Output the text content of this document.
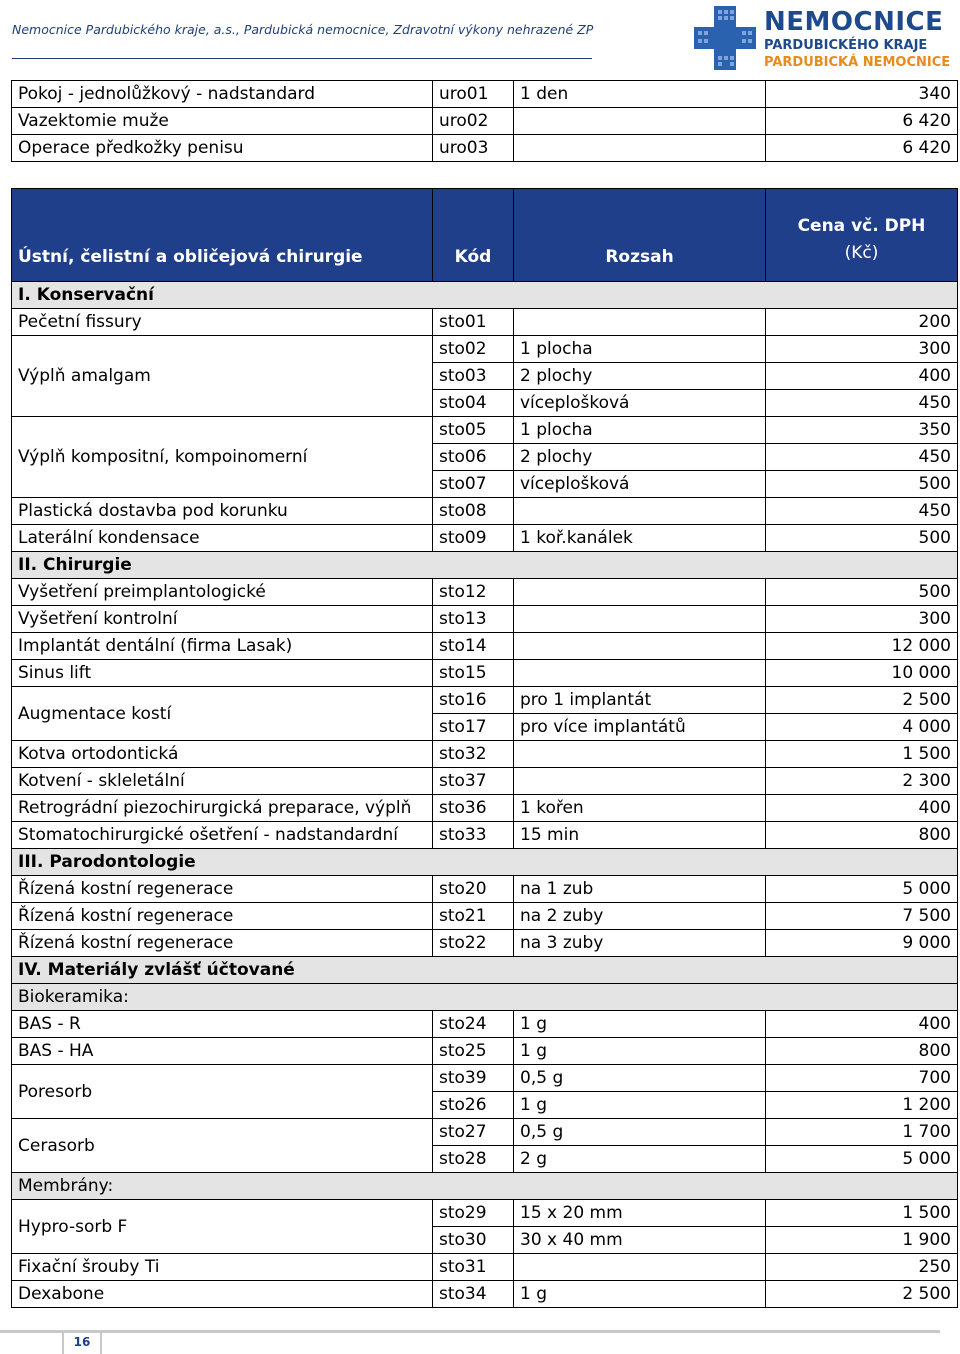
Nemocnice Pardubického kraje, a.s., Pardubická nemocnice, Zdravotní výkony nehrazené ZP	NEMOCNICE
PARDUBICKÉHO KRAJE
PARDUBICKÁ NEMOCNICE
Pokoj - jednolůžkový - nadstandard	uro01	1 den	340
Vazektomie muže	uro02		6 420
Operace předkožky penisu	uro03		6 420
Ústní, čelistní a obličejová chirurgie	Kód	Rozsah	Cena vč. DPH
(Kč)

I. Konservační			
Pečetní fissury	sto01		200
Výplň amalgam	sto02	1 plocha	300
	sto03	2 plochy	400
	sto04	víceplošková	450
Výplň kompositní, kompoinomerní	sto05	1 plocha	350
	sto06	2 plochy	450
	sto07	víceplošková	500
Plastická dostavba pod korunku	sto08		450
Laterální kondensace	sto09	1 koř.kanálek	500
II. Chirurgie			
Vyšetření preimplantologické	sto12		500
Vyšetření kontrolní	sto13		300
Implantát dentální (firma Lasak)	sto14		12 000
Sinus lift	sto15		10 000
Augmentace kostí	sto16	pro 1 implantát	2 500
	sto17	pro více implantátů	4 000
Kotva ortodontická	sto32		1 500
Kotvení - skleletální	sto37		2 300
Retrográdní piezochirurgická preparace, výplň	sto36	1 kořen	400
Stomatochirurgické ošetření - nadstandardní	sto33	15 min	800
III. Parodontologie			
Řízená kostní regenerace	sto20	na 1 zub	5 000
Řízená kostní regenerace	sto21	na 2 zuby	7 500
Řízená kostní regenerace	sto22	na 3 zuby	9 000
IV. Materiály zvlášť účtované			
Biokeramika:			
BAS - R	sto24	1 g	400
BAS - HA	sto25	1 g	800
Poresorb	sto39	0,5 g	700
	sto26	1 g	1 200
Cerasorb	sto27	0,5 g	1 700
	sto28	2 g	5 000
Membrány:			
Hypro-sorb F	sto29	15 x 20 mm	1 500
	sto30	30 x 40 mm	1 900
Fixační šrouby Ti	sto31		250
Dexabone	sto34	1 g	2 500
16
